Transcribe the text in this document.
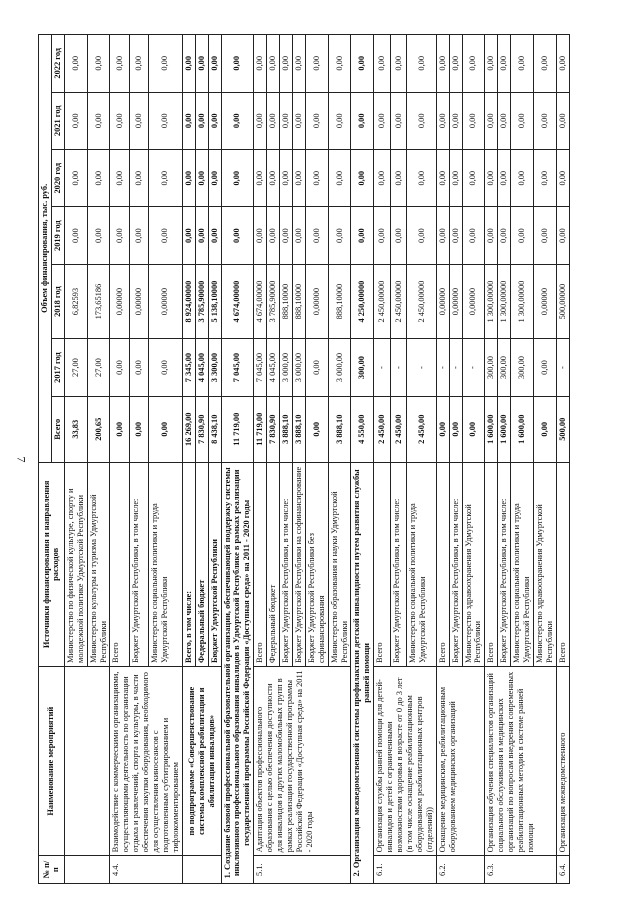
7
№ п/п	Наименование мероприятий	Источники финансирования и направления расходов	Объем финансирования, тыс. руб.						
			Всего	2017 год	2018 год	2019 год	2020 год	2021 год	2022 год
		Министерство по физической культуре, спорту и молодежной политике Удмуртской Республики	33,83	27,00	6,82593	0,00	0,00	0,00	0,00
		Министерство культуры и туризма Удмуртской Республики	200,65	27,00	173,65186	0,00	0,00	0,00	0,00
4.4.	Взаимодействие с коммерческими организациями, осуществляющими деятельность по организации отдыха и развлечений, спорта и культуры, в части обеспечения закупки оборудования, необходимого для осуществления киносеансов с подготовленным субтитрированием и тифлокомментированием	Всего	0,00	0,00	0,00000	0,00	0,00	0,00	0,00
		Бюджет Удмуртской Республики, в том числе:	0,00	0,00	0,00000	0,00	0,00	0,00	0,00
		Министерство социальной политики и труда Удмуртской Республики	0,00	0,00	0,00000	0,00	0,00	0,00	0,00
	по подпрограмме «Совершенствование системы комплексной реабилитации и абилитации инвалидов»	Всего, в том числе:	16 269,00	7 345,00	8 924,00000	0,00	0,00	0,00	0,00
		Федеральный бюджет	7 830,90	4 045,00	3 785,90000	0,00	0,00	0,00	0,00
		Бюджет Удмуртской Республики	8 438,10	3 300,00	5 138,10000	0,00	0,00	0,00	0,00
1. Создание базовой профессиональной образовательной организации, обеспечивающей поддержку системы инклюзивного профессионального образования инвалидов в Удмуртской Республике в рамках реализации государственной программы Российской Федерации «Доступная среда» на 2011 - 2020 годы			11 719,00	7 045,00	4 674,00000	0,00	0,00	0,00	0,00
5.1.	Адаптация объектов профессионального образования с целью обеспечения доступности для инвалидов и других маломобильных групп в рамках реализации государственной программы Российской Федерации «Доступная среда» на 2011 - 2020 годы	Всего	11 719,00	7 045,00	4 674,00000	0,00	0,00	0,00	0,00
		Федеральный бюджет	7 830,90	4 045,00	3 785,90000	0,00	0,00	0,00	0,00
		Бюджет Удмуртской Республики, в том числе:	3 888,10	3 000,00	888,10000	0,00	0,00	0,00	0,00
		Бюджет Удмуртской Республики на софинансирование	3 888,10	3 000,00	888,10000	0,00	0,00	0,00	0,00
		Бюджет Удмуртской Республики без софинансирования	0,00	0,00	0,00000	0,00	0,00	0,00	0,00
		Министерство образования и науки Удмуртской Республики	3 888,10	3 000,00	888,10000	0,00	0,00	0,00	0,00
2. Организация межведомственной системы профилактики детской инвалидности путем развития службы ранней помощи			4 550,00	300,00	4 250,00000	0,00	0,00	0,00	0,00
6.1.	Организация службы ранней помощи для детей-инвалидов и детей с ограниченными возможностями здоровья в возрасте от 0 до 3 лет (в том числе оснащение реабилитационным оборудованием реабилитационных центров (отделений))	Всего	2 450,00	-	2 450,00000	0,00	0,00	0,00	0,00
		Бюджет Удмуртской Республики, в том числе:	2 450,00	-	2 450,00000	0,00	0,00	0,00	0,00
		Министерство социальной политики и труда Удмуртской Республики	2 450,00	-	2 450,00000	0,00	0,00	0,00	0,00
6.2.	Оснащение медицинским, реабилитационным оборудованием медицинских организаций	Всего	0,00	-	0,00000	0,00	0,00	0,00	0,00
		Бюджет Удмуртской Республики, в том числе:	0,00	-	0,00000	0,00	0,00	0,00	0,00
		Министерство здравоохранения Удмуртской Республики	0,00	-	0,00000	0,00	0,00	0,00	0,00
6.3.	Организация обучения специалистов организаций социального обслуживания и медицинских организаций по вопросам внедрения современных реабилитационных методик в системе ранней помощи	Всего	1 600,00	300,00	1 300,00000	0,00	0,00	0,00	0,00
		Бюджет Удмуртской Республики, в том числе:	1 600,00	300,00	1 300,00000	0,00	0,00	0,00	0,00
		Министерство социальной политики и труда Удмуртской Республики	1 600,00	300,00	1 300,00000	0,00	0,00	0,00	0,00
		Министерство здравоохранения Удмуртской Республики	0,00	0,00	0,00000	0,00	0,00	0,00	0,00
6.4.	Организация межведомственного	Всего	500,00	-	500,00000	0,00	0,00	0,00	0,00
